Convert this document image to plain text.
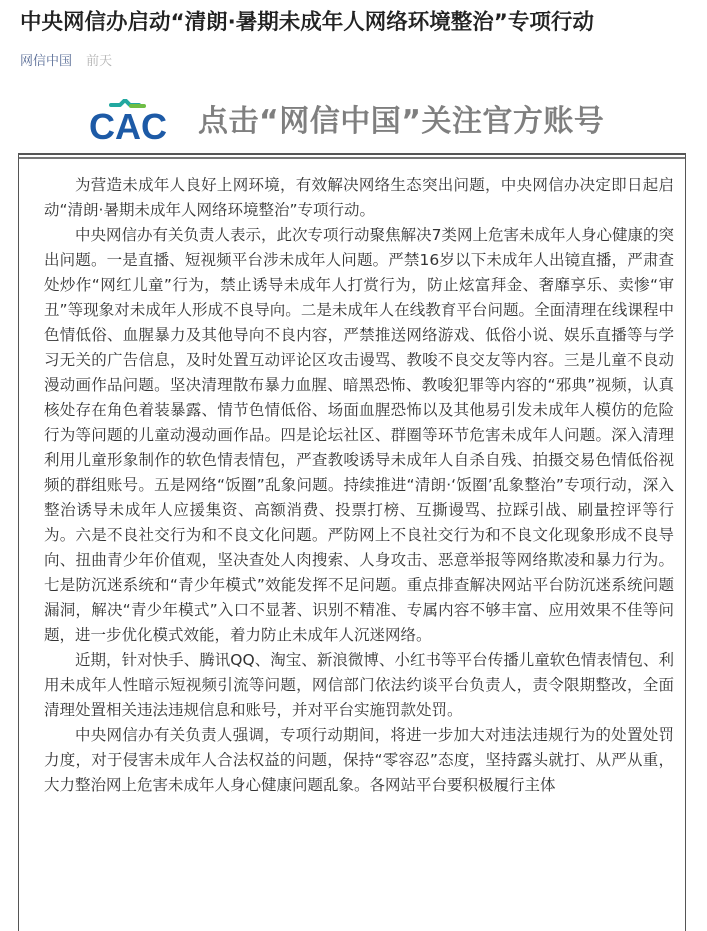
中央网信办启动“清朗·暑期未成年人网络环境整治”专项行动
网信中国 前天
CAC 点击“网信中国”关注官方账号

为营造未成年人良好上网环境，有效解决网络生态突出问题，中央网信办决定即日起启动“清朗·暑期未成年人网络环境整治”专项行动。

中央网信办有关负责人表示，此次专项行动聚焦解决7类网上危害未成年人身心健康的突出问题。一是直播、短视频平台涉未成年人问题。严禁16岁以下未成年人出镜直播，严肃查处炒作“网红儿童”行为，禁止诱导未成年人打赏行为，防止炫富拜金、奢靡享乐、卖惨“审丑”等现象对未成年人形成不良导向。二是未成年人在线教育平台问题。全面清理在线课程中色情低俗、血腥暴力及其他导向不良内容，严禁推送网络游戏、低俗小说、娱乐直播等与学习无关的广告信息，及时处置互动评论区攻击谩骂、教唆不良交友等内容。三是儿童不良动漫动画作品问题。坚决清理散布暴力血腥、暗黑恐怖、教唆犯罪等内容的“邪典”视频，认真核处存在角色着装暴露、情节色情低俗、场面血腥恐怖以及其他易引发未成年人模仿的危险行为等问题的儿童动漫动画作品。四是论坛社区、群圈等环节危害未成年人问题。深入清理利用儿童形象制作的软色情表情包，严查教唆诱导未成年人自杀自残、拍摄交易色情低俗视频的群组账号。五是网络“饭圈”乱象问题。持续推进“清朗·‘饭圈’乱象整治”专项行动，深入整治诱导未成年人应援集资、高额消费、投票打榜、互撕谩骂、拉踩引战、刷量控评等行为。六是不良社交行为和不良文化问题。严防网上不良社交行为和不良文化现象形成不良导向、扭曲青少年价值观，坚决查处人肉搜索、人身攻击、恶意举报等网络欺凌和暴力行为。七是防沉迷系统和“青少年模式”效能发挥不足问题。重点排查解决网站平台防沉迷系统问题漏洞，解决“青少年模式”入口不显著、识别不精准、专属内容不够丰富、应用效果不佳等问题，进一步优化模式效能，着力防止未成年人沉迷网络。

近期，针对快手、腾讯QQ、淘宝、新浪微博、小红书等平台传播儿童软色情表情包、利用未成年人性暗示短视频引流等问题，网信部门依法约谈平台负责人，责令限期整改，全面清理处置相关违法违规信息和账号，并对平台实施罚款处罚。

中央网信办有关负责人强调，专项行动期间，将进一步加大对违法违规行为的处置处罚力度，对于侵害未成年人合法权益的问题，保持“零容忍”态度，坚持露头就打、从严从重，大力整治网上危害未成年人身心健康问题乱象。各网站平台要积极履行主体
